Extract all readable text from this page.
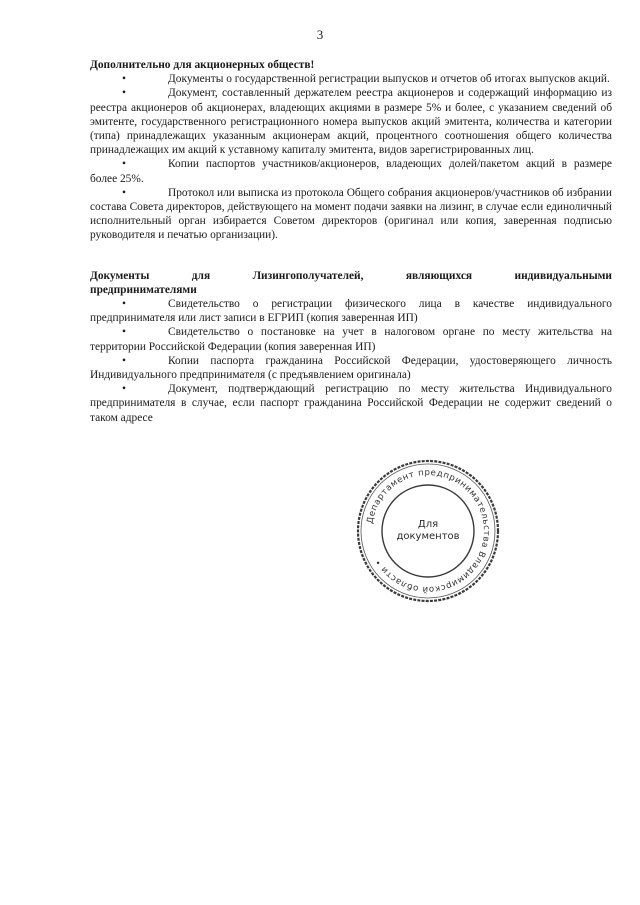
3

Дополнительно для акционерных обществ!

•	Документы о государственной регистрации выпусков и отчетов об итогах выпусков акций.

•	Документ, составленный держателем реестра акционеров и содержащий информацию из реестра акционеров об акционерах, владеющих акциями в размере 5% и более, с указанием сведений об эмитенте, государственного регистрационного номера выпусков акций эмитента, количества и категории (типа) принадлежащих указанным акционерам акций, процентного соотношения общего количества принадлежащих им акций к уставному капиталу эмитента, видов зарегистрированных лиц.

•	Копии паспортов участников/акционеров, владеющих долей/пакетом акций в размере более 25%.

•	Протокол или выписка из протокола Общего собрания акционеров/участников об избрании состава Совета директоров, действующего на момент подачи заявки на лизинг, в случае если единоличный исполнительный орган избирается Советом директоров (оригинал или копия, заверенная подписью руководителя и печатью организации).

Документы	для	Лизингополучателей,	являющихся	индивидуальными
предпринимателями

•	Свидетельство о регистрации физического лица в качестве индивидуального предпринимателя или лист записи в ЕГРИП (копия заверенная ИП)

•	Свидетельство о постановке на учет в налоговом органе по месту жительства на территории Российской Федерации (копия заверенная ИП)

•	Копии паспорта гражданина Российской Федерации, удостоверяющего личность Индивидуального предпринимателя (с предъявлением оригинала)

•	Документ, подтверждающий регистрацию по месту жительства Индивидуального предпринимателя в случае, если паспорт гражданина Российской Федерации не содержит сведений о таком адресе

Департамент предпринимательства Владимирской области •
Для
документов
